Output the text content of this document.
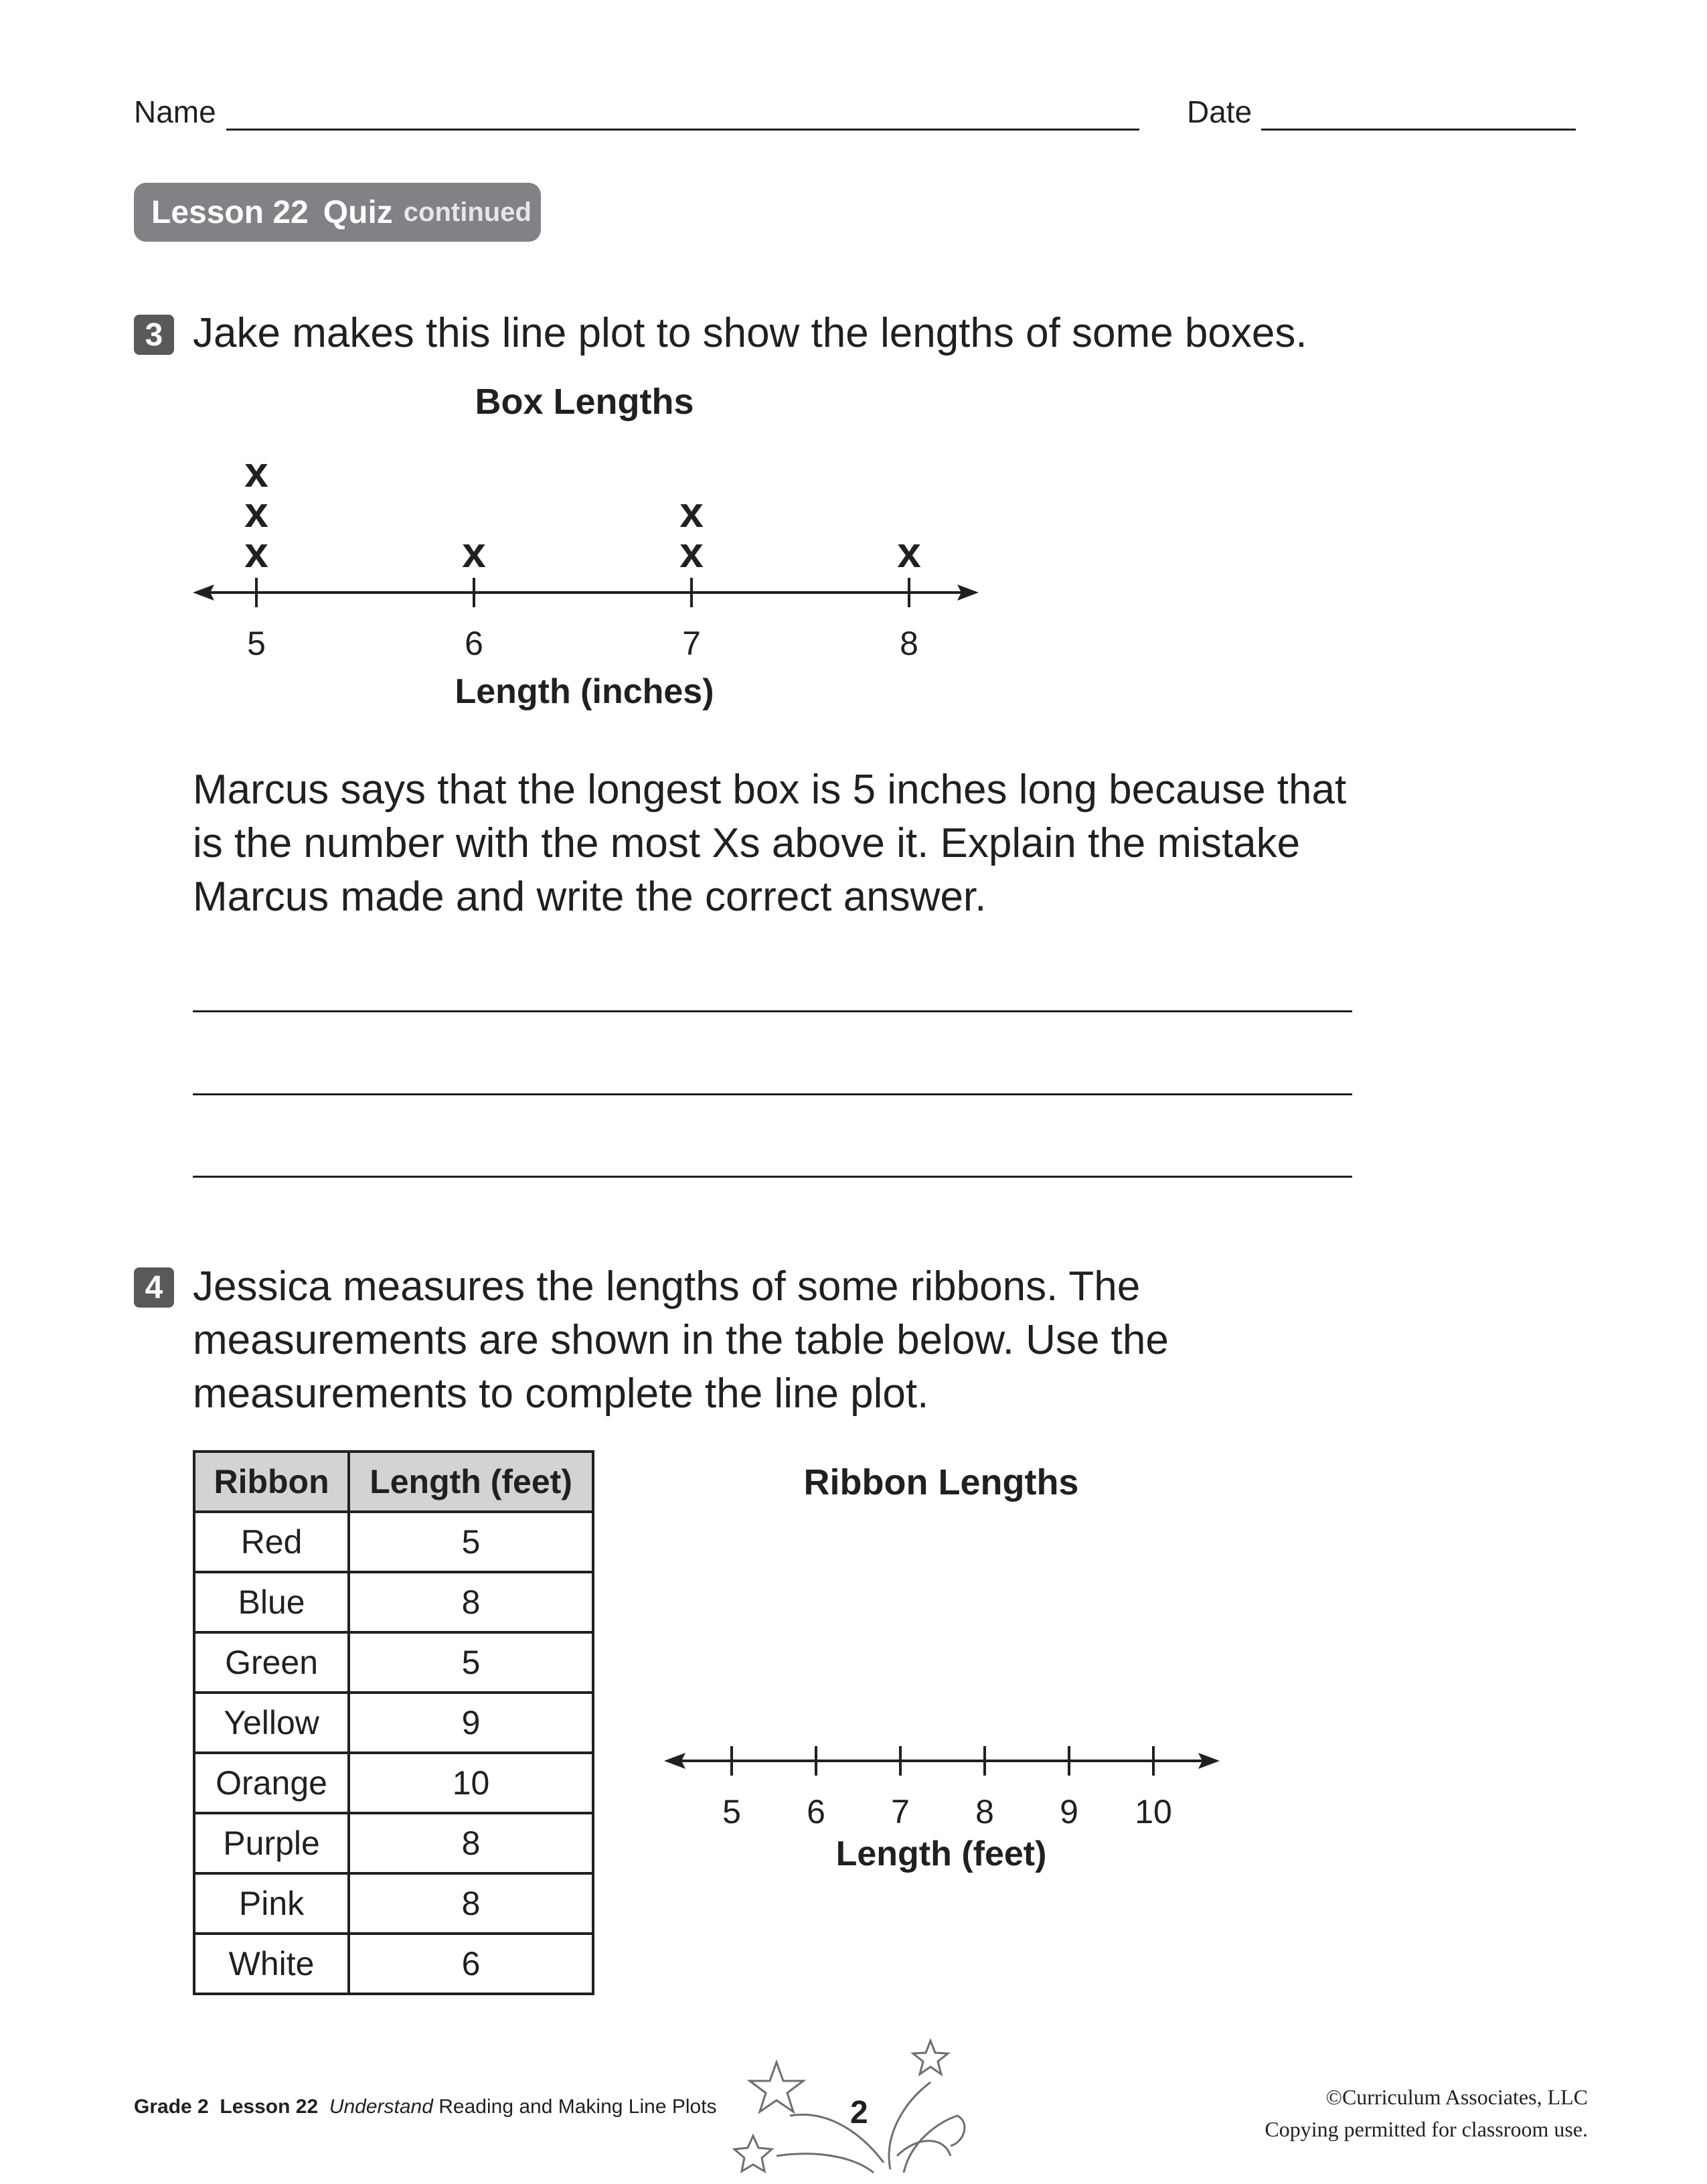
Name	Date
Lesson 22 Quiz continued
3 Jake makes this line plot to show the lengths of some boxes.
Box Lengths
5	6	7	8
x
x
x
x	x
x
x
Length (inches)
Marcus says that the longest box is 5 inches long because that
is the number with the most Xs above it. Explain the mistake
Marcus made and write the correct answer.
4 Jessica measures the lengths of some ribbons. The
measurements are shown in the table below. Use the
measurements to complete the line plot.
Ribbon	Length (feet)
Red	5
Blue	8
Green	5
Yellow	9
Orange	10
Purple	8
Pink	8
White	6
Ribbon Lengths
5 6 7 8 9 10
Length (feet)
Grade 2 Lesson 22 Understand Reading and Making Line Plots	2	©Curriculum Associates, LLC
Copying permitted for classroom use.
